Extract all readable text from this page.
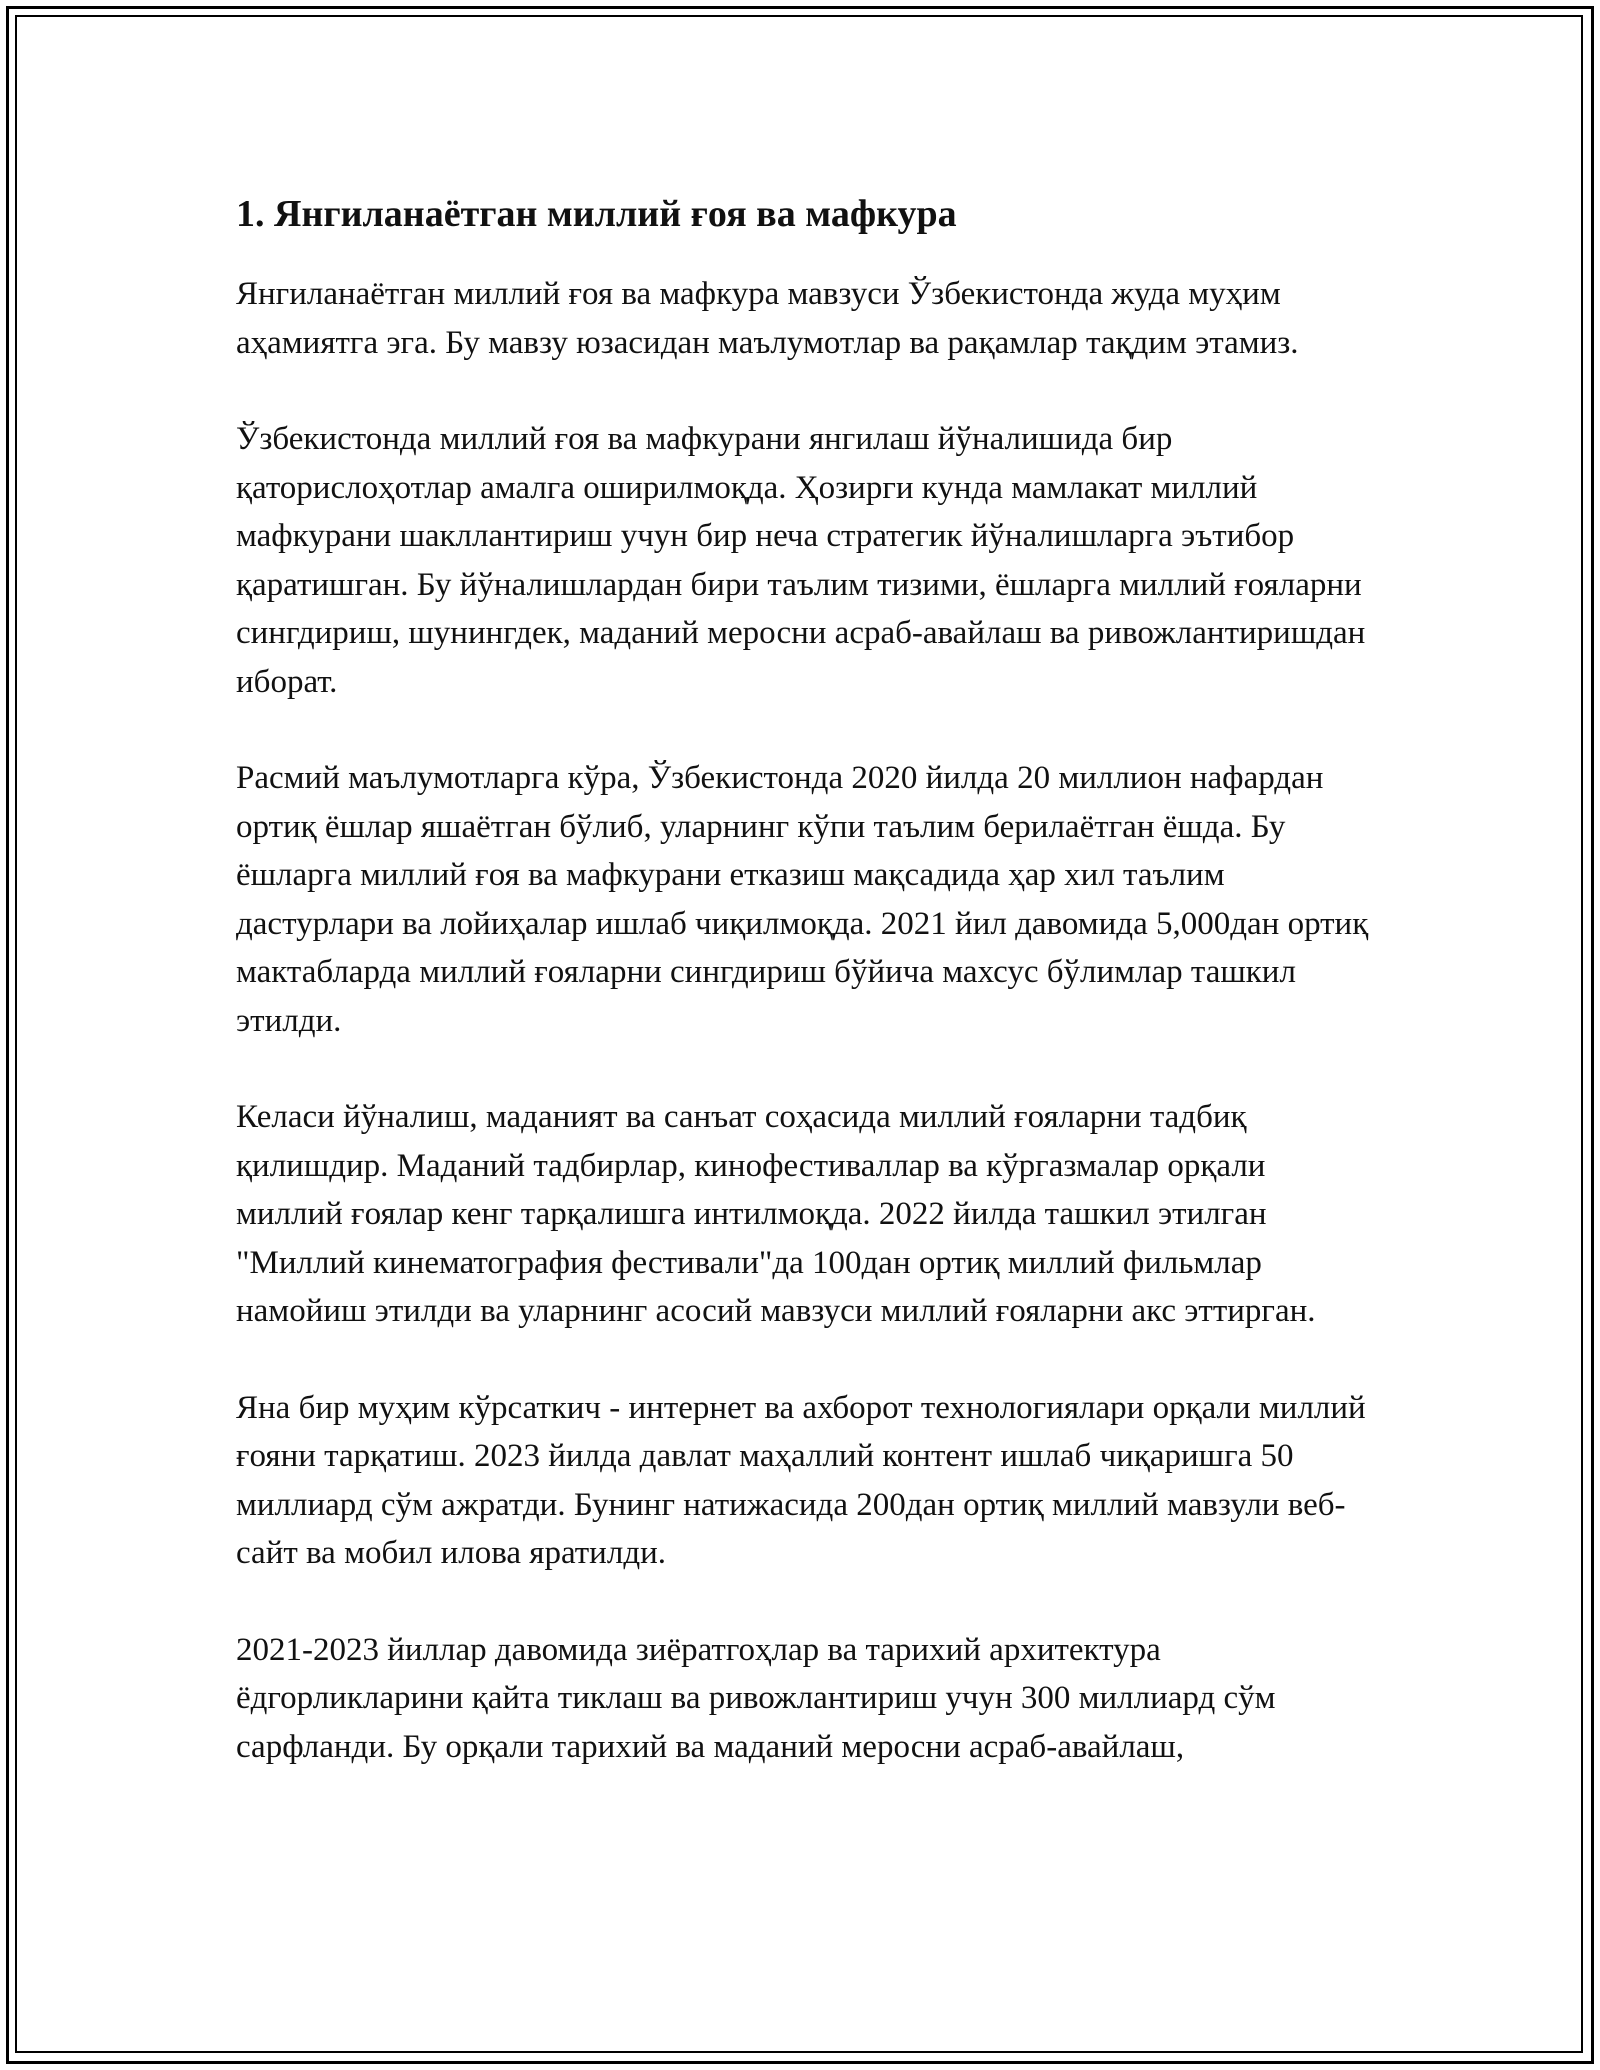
1. Янгиланаётган миллий ғоя ва мафкура

Янгиланаётган миллий ғоя ва мафкура мавзуси Ўзбекистонда жуда муҳим аҳамиятга эга. Бу мавзу юзасидан маълумотлар ва рақамлар тақдим этамиз.

Ўзбекистонда миллий ғоя ва мафкурани янгилаш йўналишида бир қаторислоҳотлар амалга оширилмоқда. Ҳозирги кунда мамлакат миллий мафкурани шакллантириш учун бир неча стратегик йўналишларга эътибор қаратишган. Бу йўналишлардан бири таълим тизими, ёшларга миллий ғояларни сингдириш, шунингдек, маданий меросни асраб-авайлаш ва ривожлантиришдан иборат.

Расмий маълумотларга кўра, Ўзбекистонда 2020 йилда 20 миллион нафардан ортиқ ёшлар яшаётган бўлиб, уларнинг кўпи таълим берилаётган ёшда. Бу ёшларга миллий ғоя ва мафкурани етказиш мақсадида ҳар хил таълим дастурлари ва лойиҳалар ишлаб чиқилмоқда. 2021 йил давомида 5,000дан ортиқ мактабларда миллий ғояларни сингдириш бўйича махсус бўлимлар ташкил этилди.

Келаси йўналиш, маданият ва санъат соҳасида миллий ғояларни тадбиқ қилишдир. Маданий тадбирлар, кинофестиваллар ва кўргазмалар орқали миллий ғоялар кенг тарқалишга интилмоқда. 2022 йилда ташкил этилган "Миллий кинематография фестивали"да 100дан ортиқ миллий фильмлар намойиш этилди ва уларнинг асосий мавзуси миллий ғояларни акс эттирган.

Яна бир муҳим кўрсаткич - интернет ва ахборот технологиялари орқали миллий ғояни тарқатиш. 2023 йилда давлат маҳаллий контент ишлаб чиқаришга 50 миллиард сўм ажратди. Бунинг натижасида 200дан ортиқ миллий мавзули веб-сайт ва мобил илова яратилди.

2021-2023 йиллар давомида зиёратгоҳлар ва тарихий архитектура ёдгорликларини қайта тиклаш ва ривожлантириш учун 300 миллиард сўм сарфланди. Бу орқали тарихий ва маданий меросни асраб-авайлаш,
